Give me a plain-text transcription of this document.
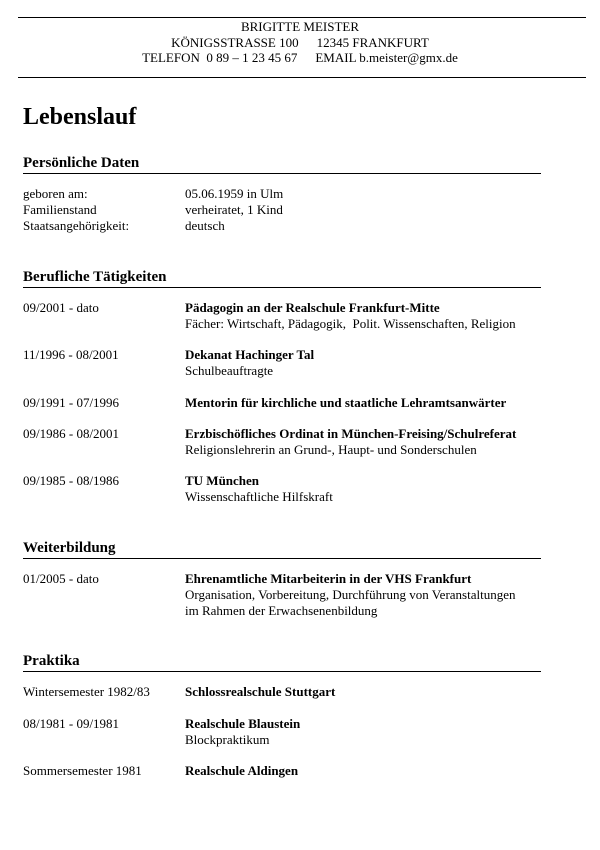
BRIGITTE MEISTER
KÖNIGSSTRASSE 100 12345 FRANKFURT
TELEFON  0 89 – 1 23 45 67 EMAIL b.meister@gmx.de
Lebenslauf
Persönliche Daten
geboren am:	05.06.1959 in Ulm
Familienstand	verheiratet, 1 Kind
Staatsangehörigkeit:	deutsch
Berufliche Tätigkeiten
09/2001 - dato	Pädagogin an der Realschule Frankfurt-Mitte
Fächer: Wirtschaft, Pädagogik,  Polit. Wissenschaften, Religion
11/1996 - 08/2001	Dekanat Hachinger Tal
Schulbeauftragte
09/1991 - 07/1996	Mentorin für kirchliche und staatliche Lehramtsanwärter
09/1986 - 08/2001	Erzbischöfliches Ordinat in München-Freising/Schulreferat
Religionslehrerin an Grund-, Haupt- und Sonderschulen
09/1985 - 08/1986	TU München
Wissenschaftliche Hilfskraft
Weiterbildung
01/2005 - dato	Ehrenamtliche Mitarbeiterin in der VHS Frankfurt
Organisation, Vorbereitung, Durchführung von Veranstaltungen
im Rahmen der Erwachsenenbildung
Praktika
Wintersemester 1982/83	Schlossrealschule Stuttgart
08/1981 - 09/1981	Realschule Blaustein
Blockpraktikum
Sommersemester 1981	Realschule Aldingen
